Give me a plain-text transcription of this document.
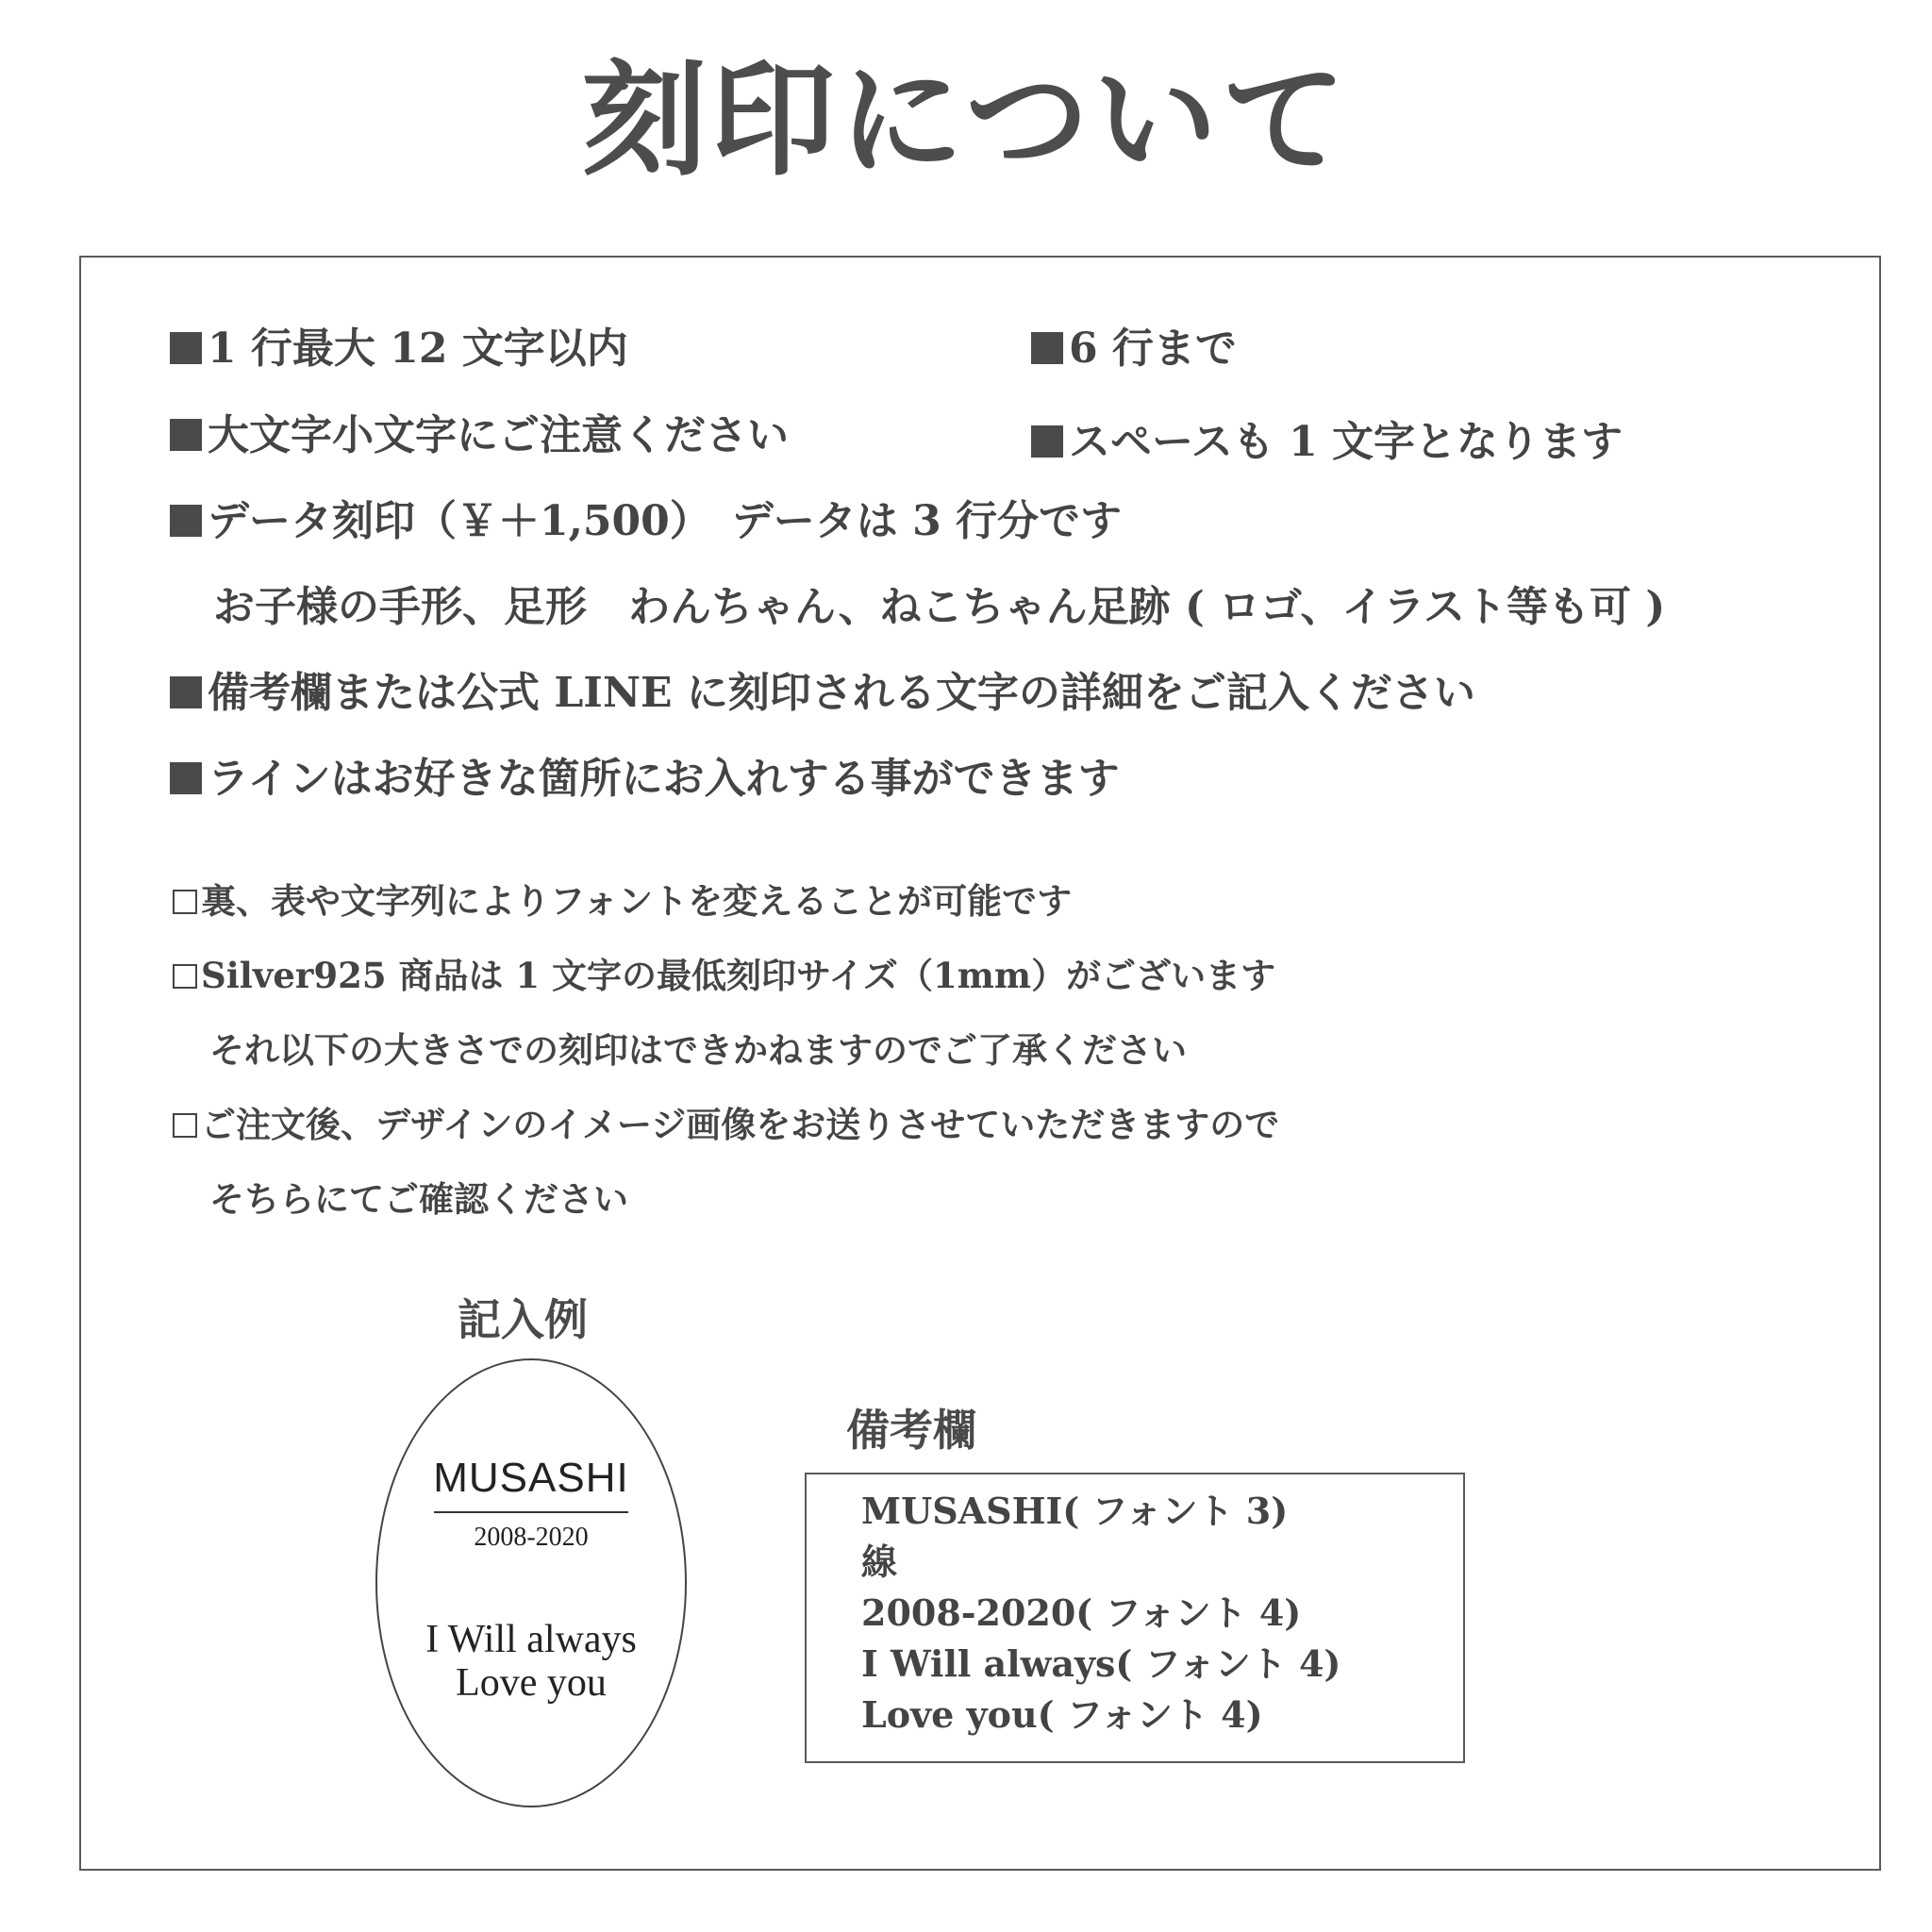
刻印について
1 行最大 12 文字以内	6 行まで
大文字小文字にご注意ください	スペースも 1 文字となります
データ刻印（￥＋1,500）　データは 3 行分です
お子様の手形、足形　わんちゃん、ねこちゃん足跡 ( ロゴ、イラスト等も可 )
備考欄または公式 LINE に刻印される文字の詳細をご記入ください
ラインはお好きな箇所にお入れする事ができます
裏、表や文字列によりフォントを変えることが可能です
Silver925 商品は 1 文字の最低刻印サイズ（1mm）がございます
それ以下の大きさでの刻印はできかねますのでご了承ください
ご注文後、デザインのイメージ画像をお送りさせていただきますので
そちらにてご確認ください
記入例
MUSASHI
2008-2020
I Will always
Love you
備考欄
MUSASHI( フォント 3)
線
2008-2020( フォント 4)
I Will always( フォント 4)
Love you( フォント 4)
